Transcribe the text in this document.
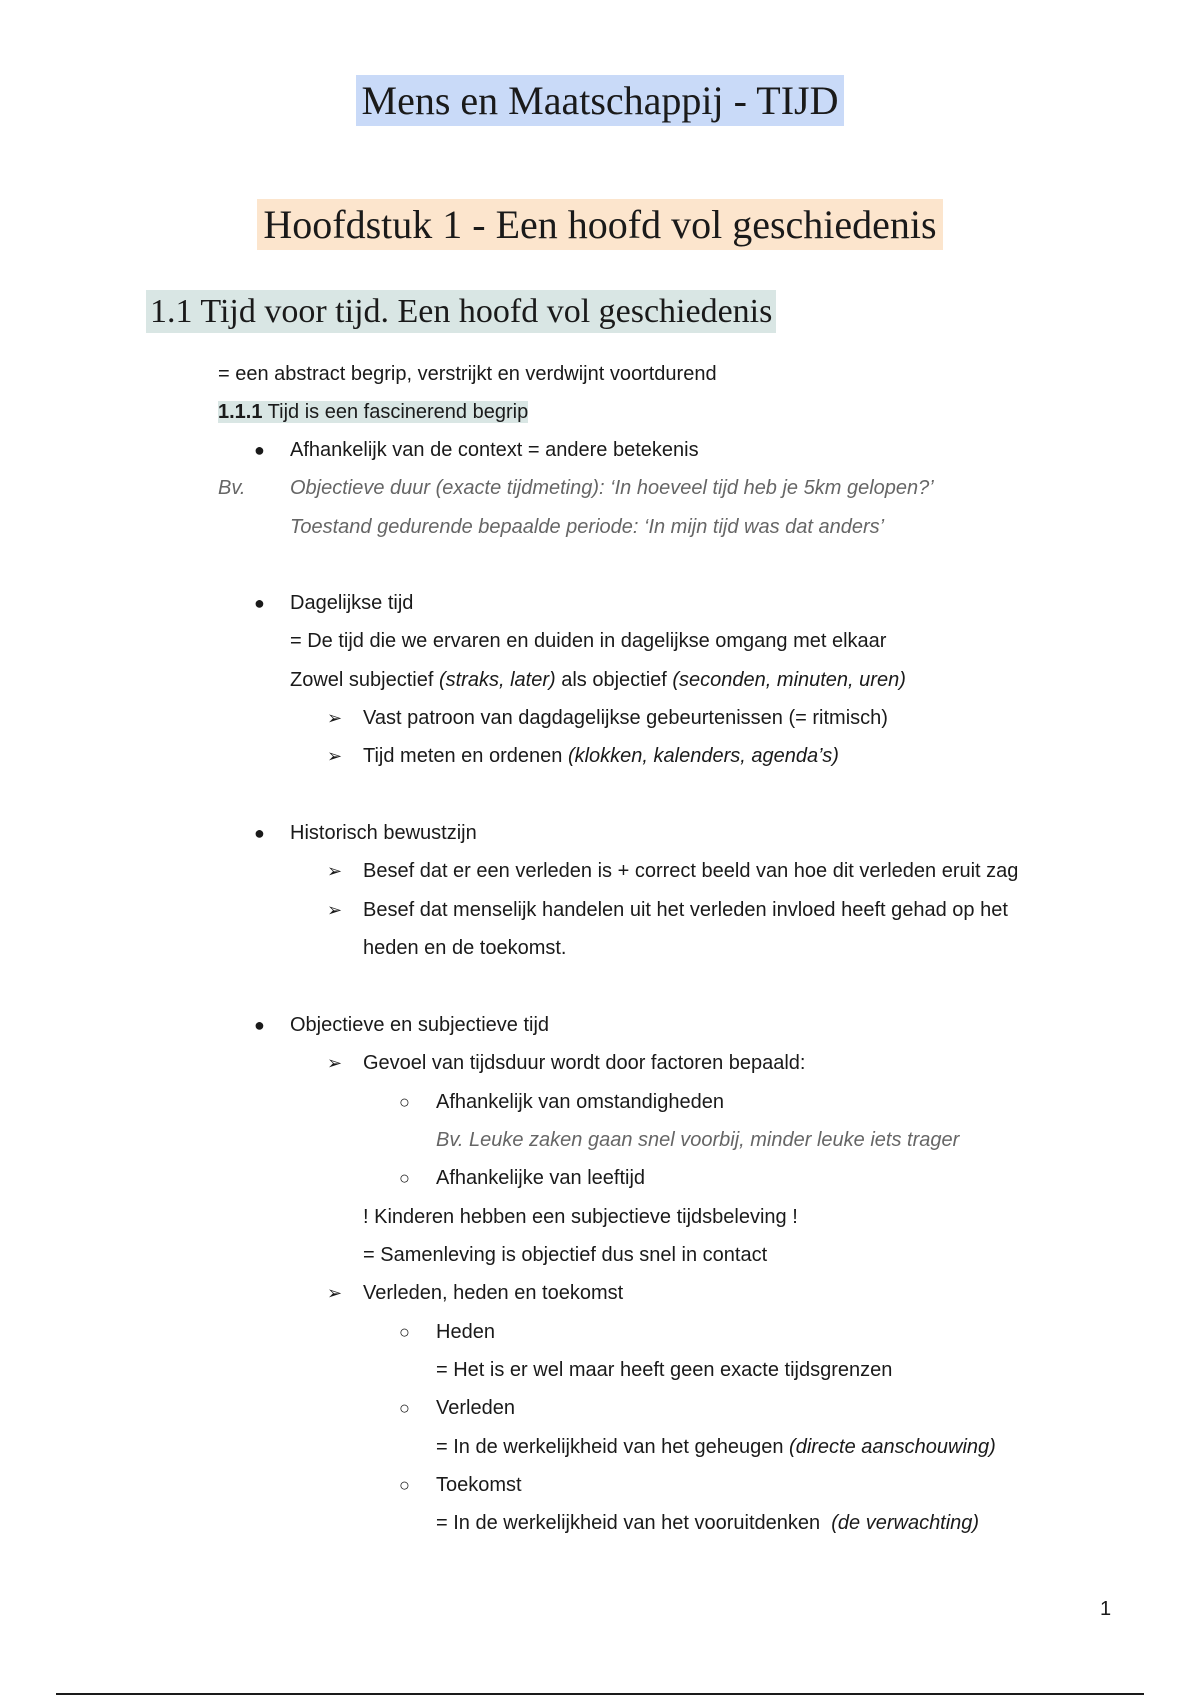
Mens en Maatschappij - TIJD
Hoofdstuk 1 - Een hoofd vol geschiedenis
1.1 Tijd voor tijd. Een hoofd vol geschiedenis
= een abstract begrip, verstrijkt en verdwijnt voortdurend
1.1.1 Tijd is een fascinerend begrip
● Afhankelijk van de context = andere betekenis
Bv. Objectieve duur (exacte tijdmeting): ‘In hoeveel tijd heb je 5km gelopen?’
Toestand gedurende bepaalde periode: ‘In mijn tijd was dat anders’
● Dagelijkse tijd
= De tijd die we ervaren en duiden in dagelijkse omgang met elkaar
Zowel subjectief (straks, later) als objectief (seconden, minuten, uren)
➢ Vast patroon van dagdagelijkse gebeurtenissen (= ritmisch)
➢ Tijd meten en ordenen (klokken, kalenders, agenda’s)
● Historisch bewustzijn
➢ Besef dat er een verleden is + correct beeld van hoe dit verleden eruit zag
➢ Besef dat menselijk handelen uit het verleden invloed heeft gehad op het
heden en de toekomst.
● Objectieve en subjectieve tijd
➢ Gevoel van tijdsduur wordt door factoren bepaald:
○ Afhankelijk van omstandigheden
Bv. Leuke zaken gaan snel voorbij, minder leuke iets trager
○ Afhankelijke van leeftijd
! Kinderen hebben een subjectieve tijdsbeleving !
= Samenleving is objectief dus snel in contact
➢ Verleden, heden en toekomst
○ Heden
= Het is er wel maar heeft geen exacte tijdsgrenzen
○ Verleden
= In de werkelijkheid van het geheugen (directe aanschouwing)
○ Toekomst
= In de werkelijkheid van het vooruitdenken  (de verwachting)
1
